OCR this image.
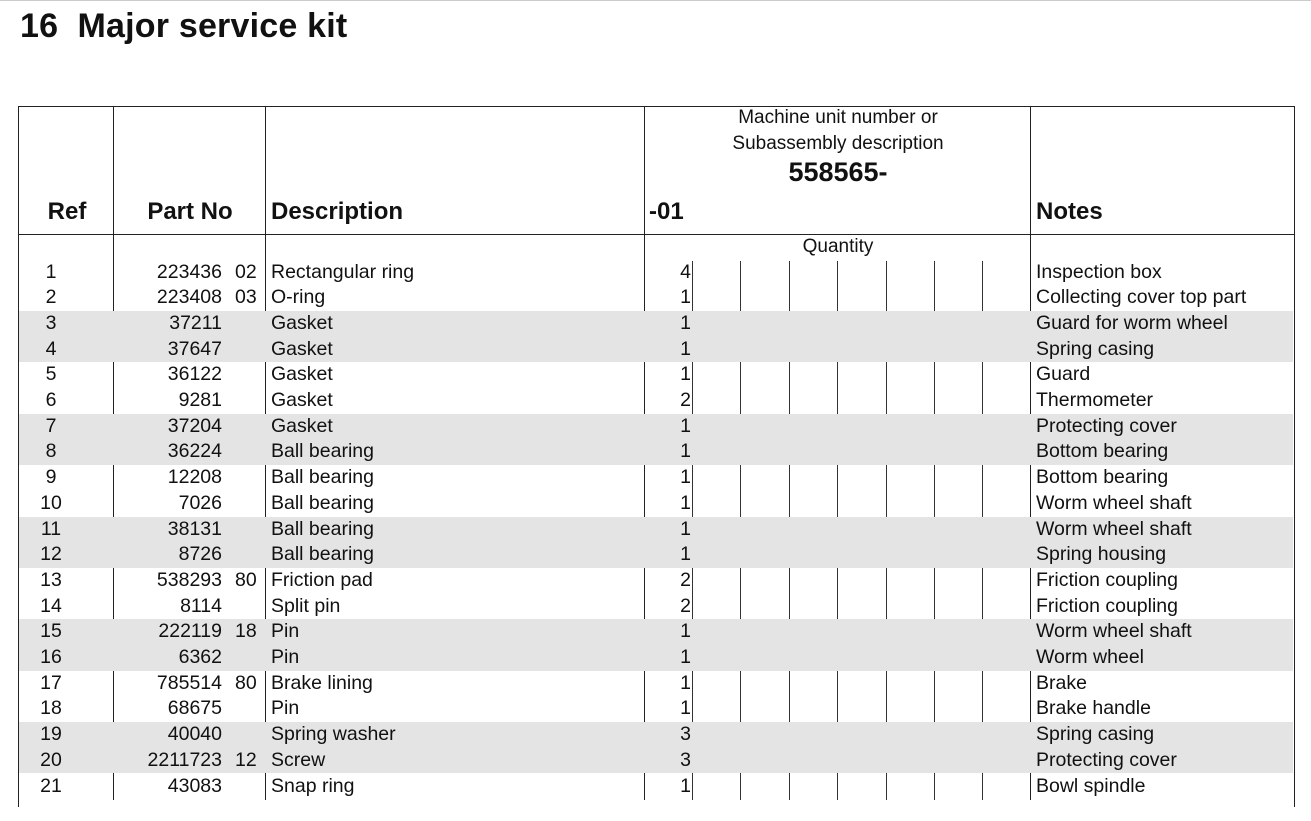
16 Major service kit
Ref	Part No	Description
Machine unit number or
Subassembly description
558565-
-01	Notes
Quantity
1	223436 02 Rectangular ring	4	Inspection box
2	223408 03 O-ring	1	Collecting cover top part
3	37211	Gasket	1	Guard for worm wheel
4	37647	Gasket	1	Spring casing
5	36122	Gasket	1	Guard
6	9281	Gasket	2	Thermometer
7	37204	Gasket	1	Protecting cover
8	36224	Ball bearing	1	Bottom bearing
9	12208	Ball bearing	1	Bottom bearing
10	7026	Ball bearing	1	Worm wheel shaft
11	38131	Ball bearing	1	Worm wheel shaft
12	8726	Ball bearing	1	Spring housing
13	538293 80 Friction pad	2	Friction coupling
14	8114	Split pin	2	Friction coupling
15	222119 18 Pin	1	Worm wheel shaft
16	6362	Pin	1	Worm wheel
17	785514 80 Brake lining	1	Brake
18	68675	Pin	1	Brake handle
19	40040	Spring washer	3	Spring casing
20	2211723 12 Screw	3	Protecting cover
21	43083	Snap ring	1	Bowl spindle
